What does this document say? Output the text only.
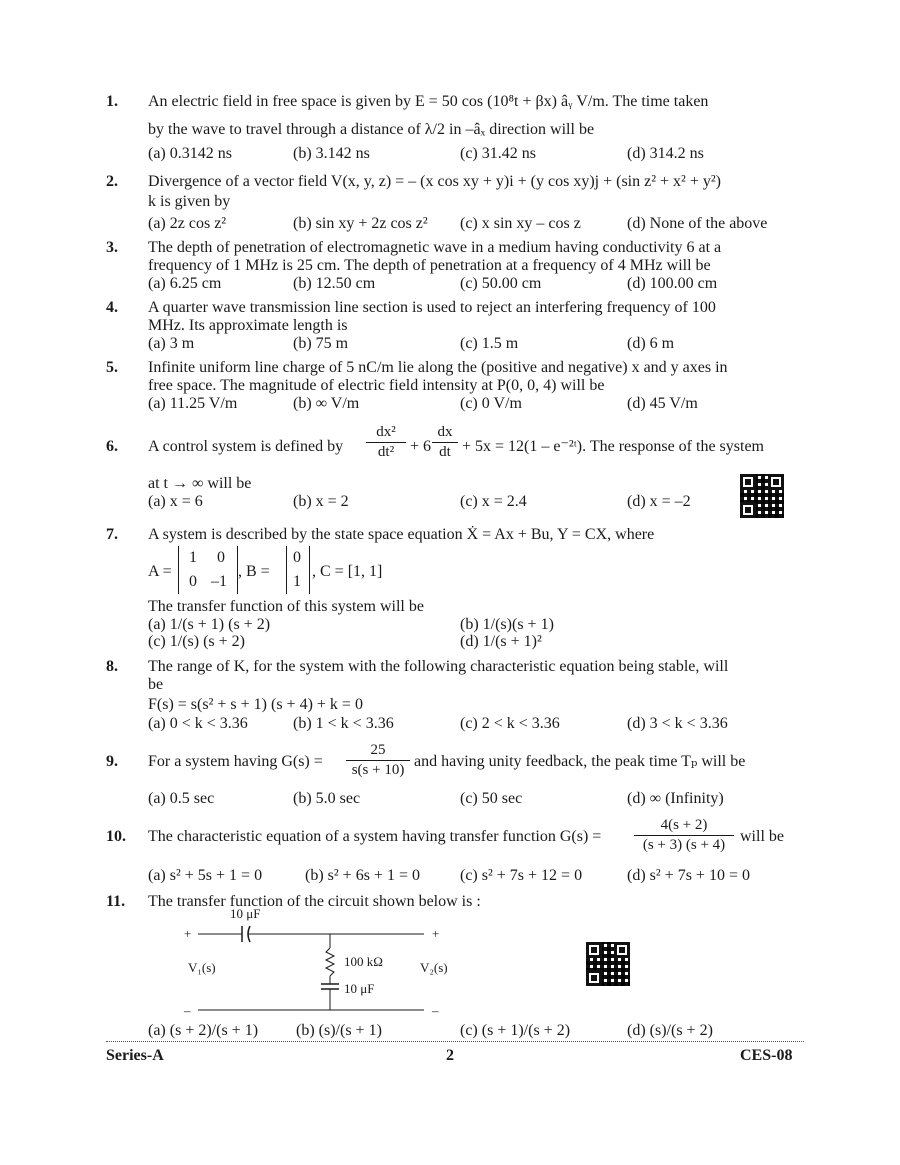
1. An electric field in free space is given by E = 50 cos (10⁸t + βx) âᵧ V/m. The time taken
by the wave to travel through a distance of λ/2 in –âₓ direction will be
(a) 0.3142 ns	(b) 3.142 ns	(c) 31.42 ns	(d) 314.2 ns
2. Divergence of a vector field V(x, y, z) = – (x cos xy + y)i + (y cos xy)j + (sin z² + x² + y²)
k is given by
(a) 2z cos z²	(b) sin xy + 2z cos z² (c) x sin xy – cos z	(d) None of the above
3. The depth of penetration of electromagnetic wave in a medium having conductivity 6 at a
frequency of 1 MHz is 25 cm. The depth of penetration at a frequency of 4 MHz will be
(a) 6.25 cm	(b) 12.50 cm	(c) 50.00 cm	(d) 100.00 cm
4. A quarter wave transmission line section is used to reject an interfering frequency of 100
MHz. Its approximate length is
(a) 3 m	(b) 75 m	(c) 1.5 m	(d) 6 m
5. Infinite uniform line charge of 5 nC/m lie along the (positive and negative) x and y axes in
free space. The magnitude of electric field intensity at P(0, 0, 4) will be
(a) 11.25 V/m	(b) ∞ V/m	(c) 0 V/m	(d) 45 V/m
6. A control system is defined by $\frac{\text{dx²}}{\text{dt²}} + 6 \frac{dx}{dt} + 5x = 12(1$ – e⁻²ᵗ). The response of the system
at t → ∞ will be
(a) x = 6	(b) x = 2	(c) x = 2.4	(d) x = –2
7. A system is described by the state space equation Ẋ = Ax + Bu, Y = CX, where
A =
1 0
0 –1
, B =
0
1
, C = [1, 1]
The transfer function of this system will be
(a) 1/(s + 1) (s + 2)	(b) 1/(s)(s + 1)
(c) 1/(s) (s + 2)	(d) 1/(s + 1)²
8. The range of K, for the system with the following characteristic equation being stable, will
be
F(s) = s(s² + s + 1) (s + 4) + k = 0
(a) 0 < k < 3.36	(b) 1 < k < 3.36	(c) 2 < k < 3.36	(d) 3 < k < 3.36
9. For a system having $G(s) = \frac{25}{s(s + 10)}$ and having unity feedback, the peak time Tₚ will be
(a) 0.5 sec	(b) 5.0 sec	(c) 50 sec	(d) ∞ (Infinity)
10. The characteristic equation of a system having transfer function $G(s) = \frac{4(s + 2)}{(s + 3) (s + 4)}$ will be
(a) s² + 5s + 1 = 0	(b) s² + 6s + 1 = 0	(c) s² + 7s + 12 = 0	(d) s² + 7s + 10 = 0
11. The transfer function of the circuit shown below is :
10 μF
+	+
100 kΩ
10 μF
V₁(s)	V₂(s)
–	–
(a) (s + 2)/(s + 1) (b) (s)/(s + 1)	(c) (s + 1)/(s + 2)	(d) (s)/(s + 2)
Series-A	2	CES-08
